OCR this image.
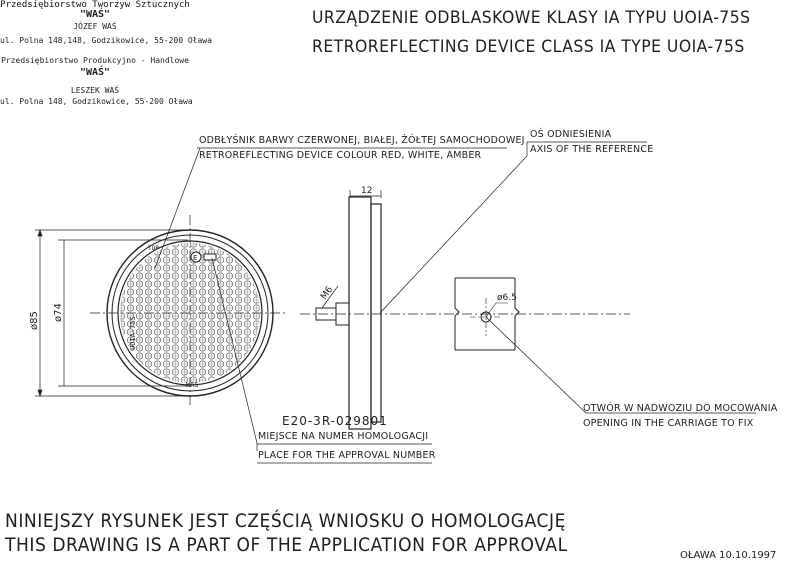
TOP
WAŚ
E
UOIA-75S
ø85 ø74
12
M6	ø6.5
Przedsiębiorstwo Tworzyw Sztucznych
"WAŚ"
JÓZEF WAŚ
ul. Polna 148,148, Godzikowice, 55-200 Oława
Przedsiębiorstwo Produkcyjno - Handlowe
"WAŚ"
LESZEK WAŚ
ul. Polna 148, Godzikowice, 55-200 Oława
URZĄDZENIE ODBLASKOWE KLASY IA TYPU UOIA-75S
RETROREFLECTING DEVICE CLASS IA TYPE UOIA-75S
ODBŁYŚNIK BARWY CZERWONEJ, BIAŁEJ, ŻÓŁTEJ SAMOCHODOWEJ
RETROREFLECTING DEVICE COLOUR RED, WHITE, AMBER
OŚ ODNIESIENIA
AXIS OF THE REFERENCE
OTWÓR W NADWOZIU DO MOCOWANIA
OPENING IN THE CARRIAGE TO FIX
E20-3R-029801
MIEJSCE NA NUMER HOMOLOGACJI
PLACE FOR THE APPROVAL NUMBER
NINIEJSZY RYSUNEK JEST CZĘŚCIĄ WNIOSKU O HOMOLOGACJĘ
THIS DRAWING IS A PART OF THE APPLICATION FOR APPROVAL	OŁAWA 10.10.1997
